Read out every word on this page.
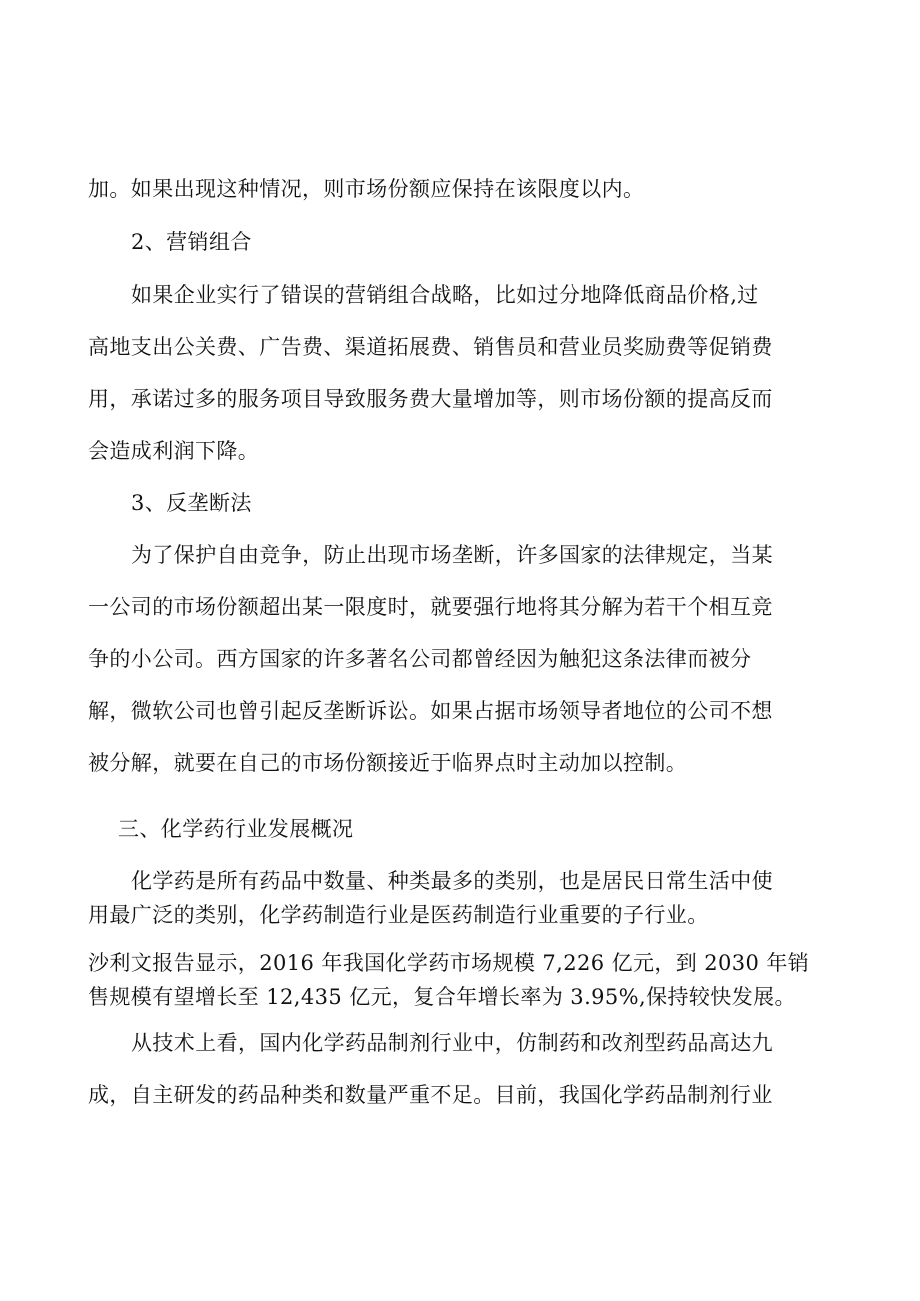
加。如果出现这种情况，则市场份额应保持在该限度以内。
2、营销组合
如果企业实行了错误的营销组合战略，比如过分地降低商品价格,过
高地支出公关费、广告费、渠道拓展费、销售员和营业员奖励费等促销费
用，承诺过多的服务项目导致服务费大量增加等，则市场份额的提高反而
会造成利润下降。
3、反垄断法
为了保护自由竞争，防止出现市场垄断，许多国家的法律规定，当某
一公司的市场份额超出某一限度时，就要强行地将其分解为若干个相互竞
争的小公司。西方国家的许多著名公司都曾经因为触犯这条法律而被分
解，微软公司也曾引起反垄断诉讼。如果占据市场领导者地位的公司不想
被分解，就要在自己的市场份额接近于临界点时主动加以控制。
三、化学药行业发展概况
化学药是所有药品中数量、种类最多的类别，也是居民日常生活中使
用最广泛的类别，化学药制造行业是医药制造行业重要的子行业。
沙利文报告显示，2016 年我国化学药市场规模 7,226 亿元，到 2030 年销
售规模有望增长至 12,435 亿元，复合年增长率为 3.95%,保持较快发展。
从技术上看，国内化学药品制剂行业中，仿制药和改剂型药品高达九
成，自主研发的药品种类和数量严重不足。目前，我国化学药品制剂行业
